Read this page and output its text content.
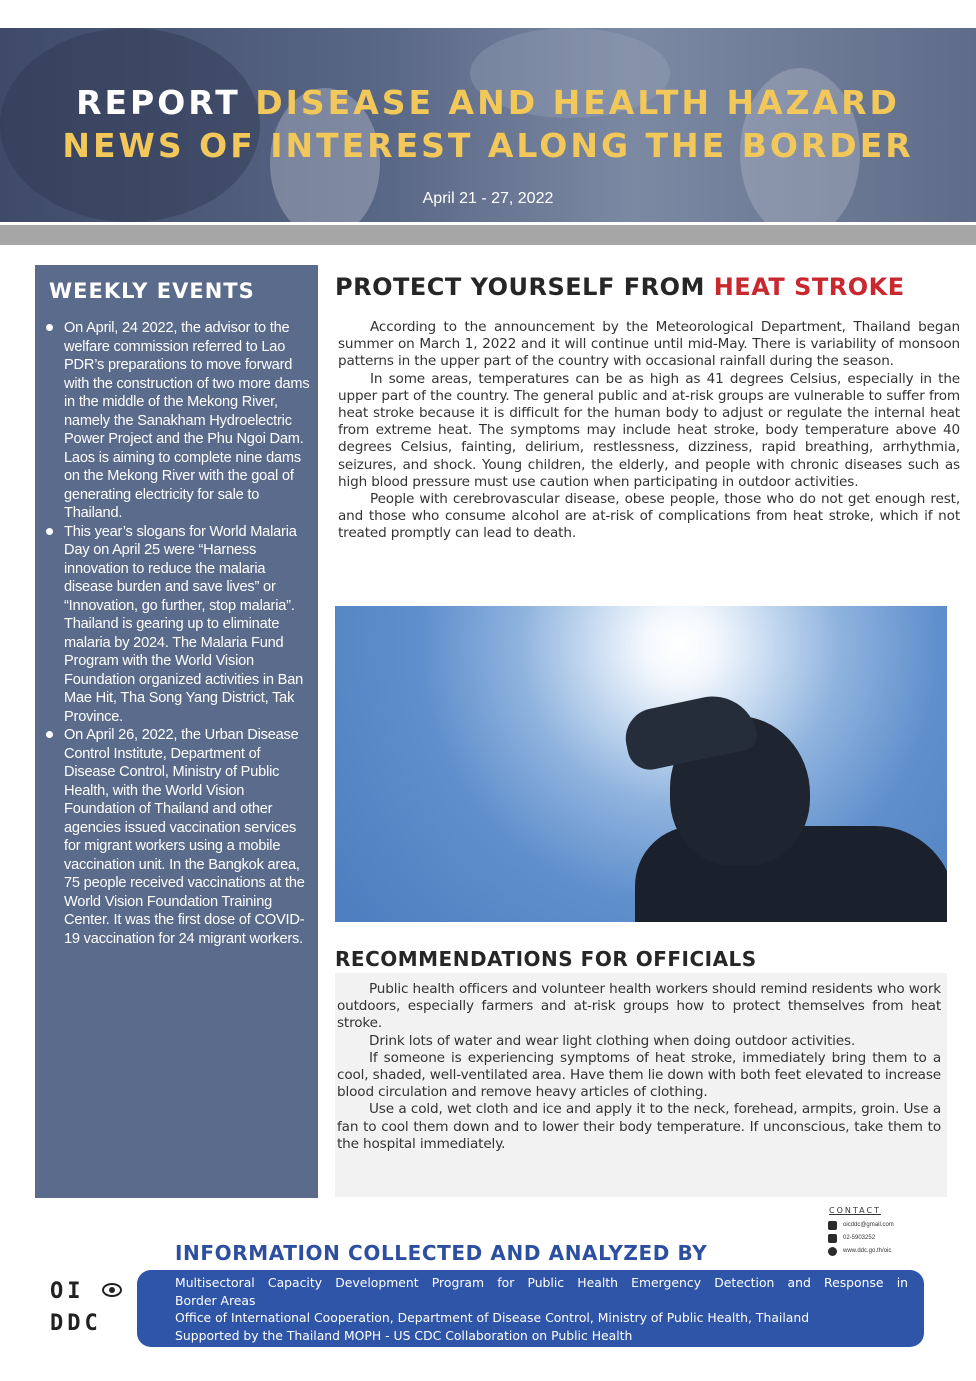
REPORT DISEASE AND HEALTH HAZARD
NEWS OF INTEREST ALONG THE BORDER
April 21 - 27, 2022
WEEKLY EVENTS
On April, 24 2022, the advisor to the welfare commission referred to Lao PDR’s preparations to move forward with the construction of two more dams in the middle of the Mekong River, namely the Sanakham Hydroelectric Power Project and the Phu Ngoi Dam. Laos is aiming to complete nine dams on the Mekong River with the goal of generating electricity for sale to Thailand.
This year’s slogans for World Malaria Day on April 25 were “Harness innovation to reduce the malaria disease burden and save lives” or “Innovation, go further, stop malaria”. Thailand is gearing up to eliminate malaria by 2024. The Malaria Fund Program with the World Vision Foundation organized activities in Ban Mae Hit, Tha Song Yang District, Tak Province.
On April 26, 2022, the Urban Disease Control Institute, Department of Disease Control, Ministry of Public Health, with the World Vision Foundation of Thailand and other agencies issued vaccination services for migrant workers using a mobile vaccination unit. In the Bangkok area, 75 people received vaccinations at the World Vision Foundation Training Center. It was the first dose of COVID-19 vaccination for 24 migrant workers.
PROTECT YOURSELF FROM HEAT STROKE

According to the announcement by the Meteorological Department, Thailand began summer on March 1, 2022 and it will continue until mid-May. There is variability of monsoon patterns in the upper part of the country with occasional rainfall during the season.

In some areas, temperatures can be as high as 41 degrees Celsius, especially in the upper part of the country. The general public and at-risk groups are vulnerable to suffer from heat stroke because it is difficult for the human body to adjust or regulate the internal heat from extreme heat. The symptoms may include heat stroke, body temperature above 40 degrees Celsius, fainting, delirium, restlessness, dizziness, rapid breathing, arrhythmia, seizures, and shock. Young children, the elderly, and people with chronic diseases such as high blood pressure must use caution when participating in outdoor activities.

People with cerebrovascular disease, obese people, those who do not get enough rest, and those who consume alcohol are at-risk of complications from heat stroke, which if not treated promptly can lead to death.

RECOMMENDATIONS FOR OFFICIALS

Public health officers and volunteer health workers should remind residents who work outdoors, especially farmers and at-risk groups how to protect themselves from heat stroke.

Drink lots of water and wear light clothing when doing outdoor activities.

If someone is experiencing symptoms of heat stroke, immediately bring them to a cool, shaded, well-ventilated area. Have them lie down with both feet elevated to increase blood circulation and remove heavy articles of clothing.

Use a cold, wet cloth and ice and apply it to the neck, forehead, armpits, groin. Use a fan to cool them down and to lower their body temperature. If unconscious, take them to the hospital immediately.

CONTACT
oicddc@gmail.com
02-5903252
www.ddc.go.th/oic
INFORMATION COLLECTED AND ANALYZED BY
OI
DDC
Multisectoral Capacity Development Program for Public Health Emergency Detection and Response in
Border Areas
Office of International Cooperation, Department of Disease Control, Ministry of Public Health, Thailand
Supported by the Thailand MOPH - US CDC Collaboration on Public Health
